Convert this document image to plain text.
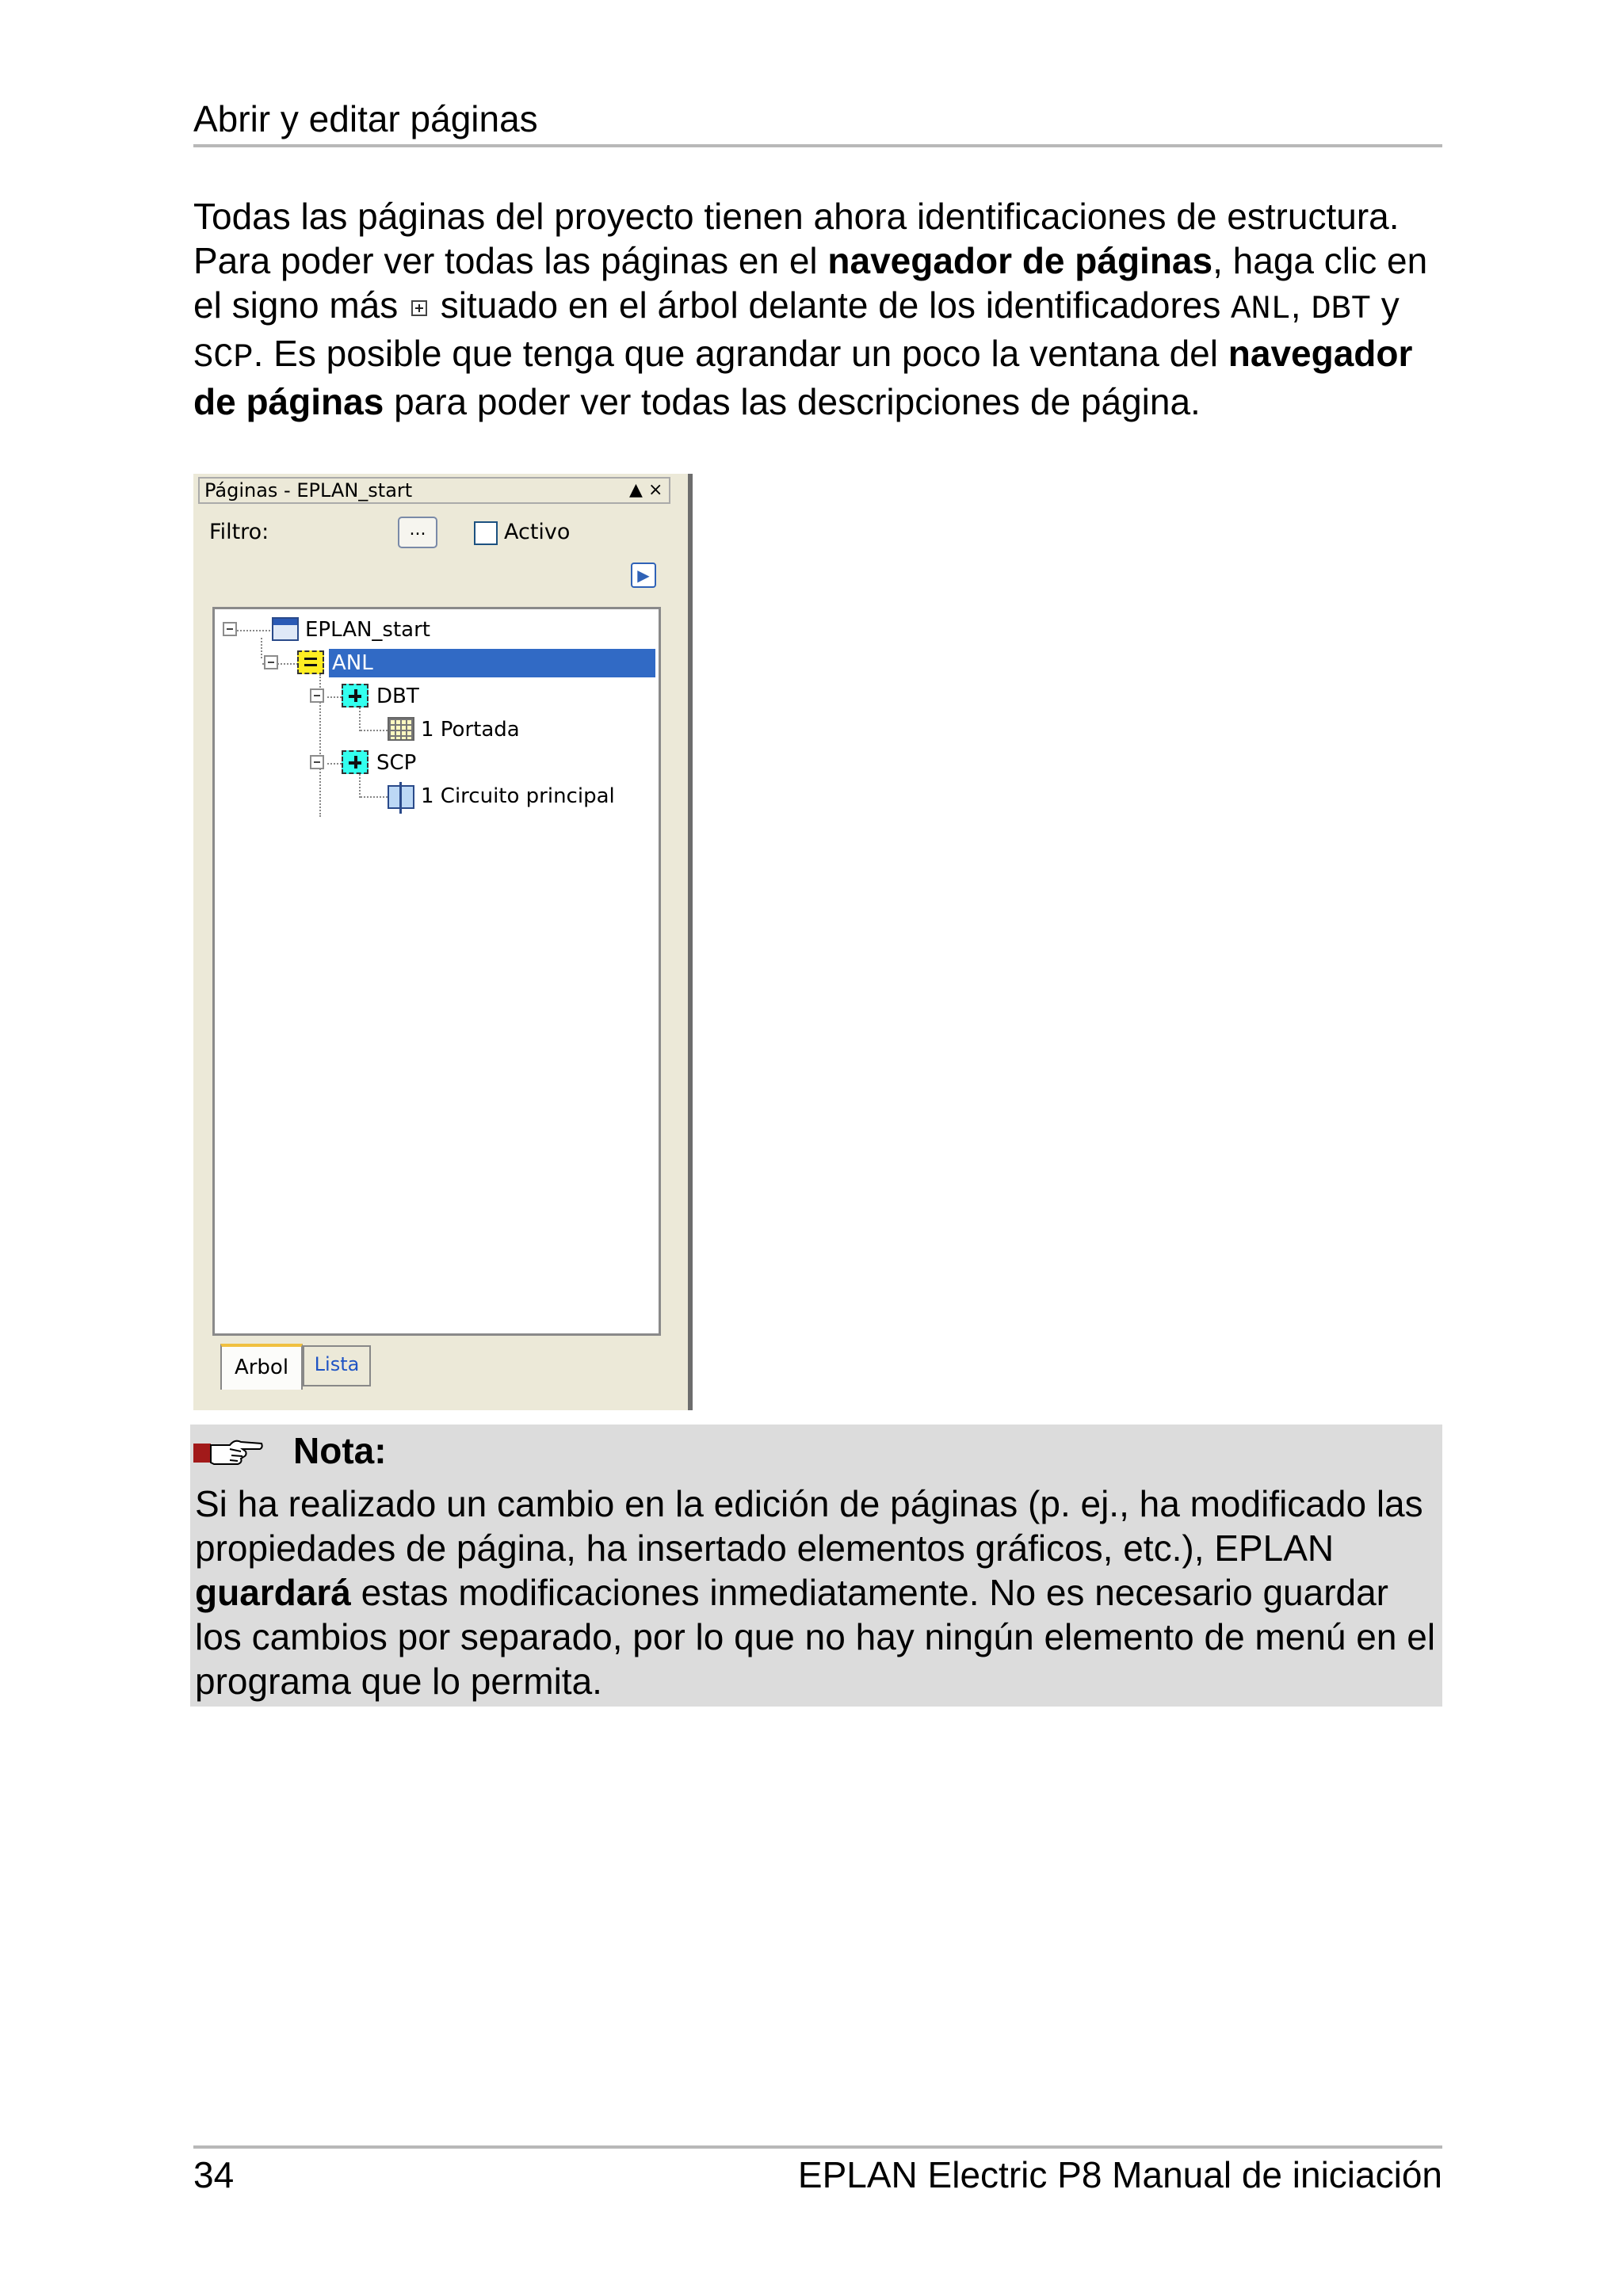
Abrir y editar páginas
Todas las páginas del proyecto tienen ahora identificaciones de estructura. Para poder ver todas las páginas en el navegador de páginas, haga clic en el signo más  situado en el árbol delante de los identificadores ANL, DBT y SCP. Es posible que tenga que agrandar un poco la ventana del navegador de páginas para poder ver todas las descripciones de página.
Páginas - EPLAN_start	▲ ×
Filtro:	...	Activo
▶
EPLAN_start
ANL
DBT
1 Portada
SCP
1 Circuito principal
Arbol	Lista
Nota:
Si ha realizado un cambio en la edición de páginas (p. ej., ha modificado las propiedades de página, ha insertado elementos gráficos, etc.), EPLAN guardará estas modificaciones inmediatamente. No es necesario guardar los cambios por separado, por lo que no hay ningún elemento de menú en el programa que lo permita.
34	EPLAN Electric P8 Manual de iniciación
